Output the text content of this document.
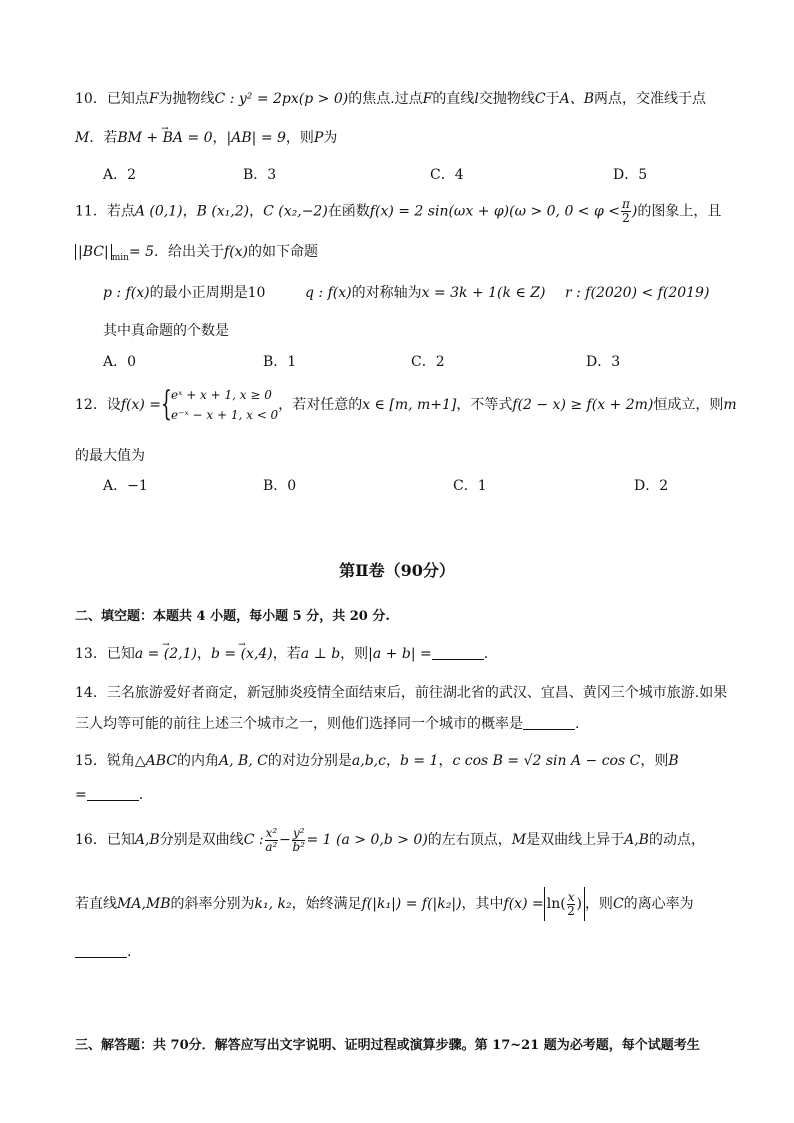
10．已知点F为抛物线C : y² = 2px(p > 0)的焦点.过点F的直线l交抛物线C于A、B两点，交准线于点
M．若→ BM + BA = 0，|AB| = 9，则P为
A．2	B．3	C．4	D．5
11．若点A (0,1)，B (x₁,2)，C (x₂,−2)在函数f(x) = 2 sin(ωx + φ)(ω > 0, $0 < \varphi < \frac{\pi}{2}$ )的图象上，且
|BC| $_{min}$= 5．给出关于f(x)的如下命题
p : f(x)的最小正周期是10	q : f(x)的对称轴为x = 3k + 1(k ∈ Z) r : f(2020) < f(2019)
其中真命题的个数是
A．0	B．1	C．2	D．3
12．设f(x) = { eˣ + x + 1, x ≥ 0
e⁻ˣ − x + 1, x < 0
，若对任意的x ∈ [m, m+1]，不等式f(2 − x) ≥ f(x + 2m)恒成立，则m
的最大值为
A．−1	B．0	C．1	D．2
第Ⅱ卷（90分）
二、填空题：本题共 4 小题，每小题 5 分，共 20 分.
13．已知→ a = (2,1)，→ b = (x,4)，若a ⊥ b，则|a + b| =	.
14．三名旅游爱好者商定，新冠肺炎疫情全面结束后，前往湖北省的武汉、宜昌、黄冈三个城市旅游.如果
三人均等可能的前往上述三个城市之一，则他们选择同一个城市的概率是	.
15．锐角△ABC的内角A, B, C的对边分别是a,b,c，b = 1，c cos B = √2 sin A − cos C，则B
=	.
16．已知A,B分别是双曲线C : $\frac{\text{x²}}{\text{a²}} - \frac{\text{y²}}{\text{b²}} = 1$ (a > 0,b > 0)的左右顶点，M是双曲线上异于A,B的动点，
若直线MA,MB的斜率分别为k₁, k₂，始终满足f(|k₁|) = f(|k₂|)，其中$f(x) = \ln( \frac{x}{2}$ ) ，则C的离心率为
.
三、解答题：共 70分．解答应写出文字说明、证明过程或演算步骤。第 17~21 题为必考题，每个试题考生
